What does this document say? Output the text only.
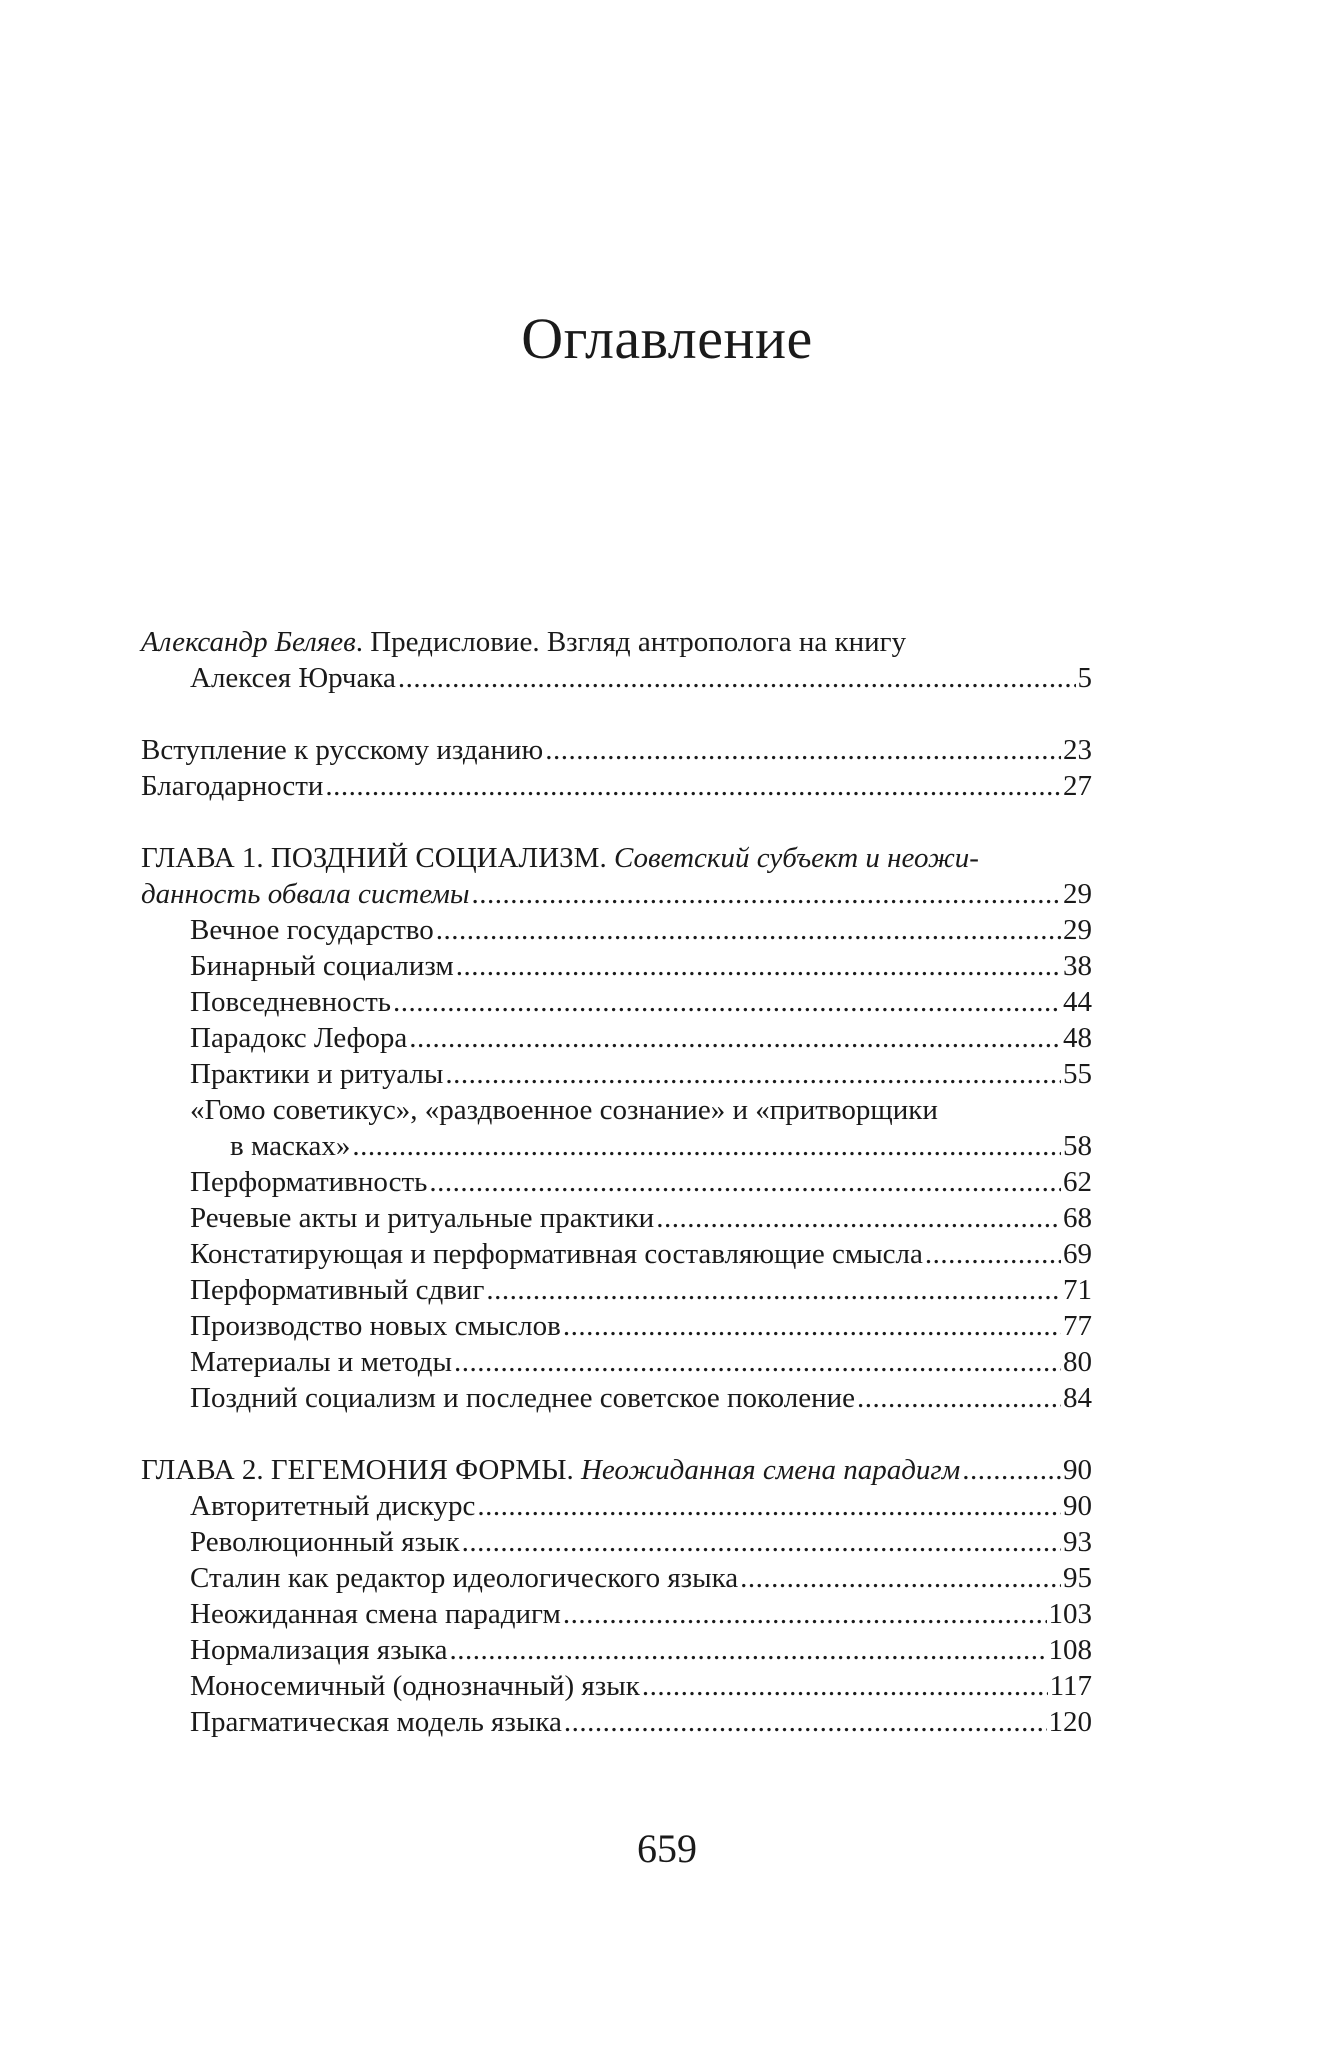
Оглавление
Александр Беляев. Предисловие. Взгляд антрополога на книгу
Алексея Юрчака .....	5
Вступление к русскому изданию .....	23
Благодарности .....	27
ГЛАВА 1. ПОЗДНИЙ СОЦИАЛИЗМ. Советский субъект и неожи-
данность обвала системы .....	29
Вечное государство .....	29
Бинарный социализм .....	38
Повседневность .....	44
Парадокс Лефора .....	48
Практики и ритуалы .....	55
«Гомо советикус», «раздвоенное сознание» и «притворщики
в масках» .....	58
Перформативность .....	62
Речевые акты и ритуальные практики .....	68
Констатирующая и перформативная составляющие смысла .....	69
Перформативный сдвиг .....	71
Производство новых смыслов .....	77
Материалы и методы .....	80
Поздний социализм и последнее советское поколение .....	84
ГЛАВА 2. ГЕГЕМОНИЯ ФОРМЫ. Неожиданная смена парадигм .....	90
Авторитетный дискурс .....	90
Революционный язык .....	93
Сталин как редактор идеологического языка .....	95
Неожиданная смена парадигм .....	103
Нормализация языка .....	108
Моносемичный (однозначный) язык .....	117
Прагматическая модель языка .....	120

659
